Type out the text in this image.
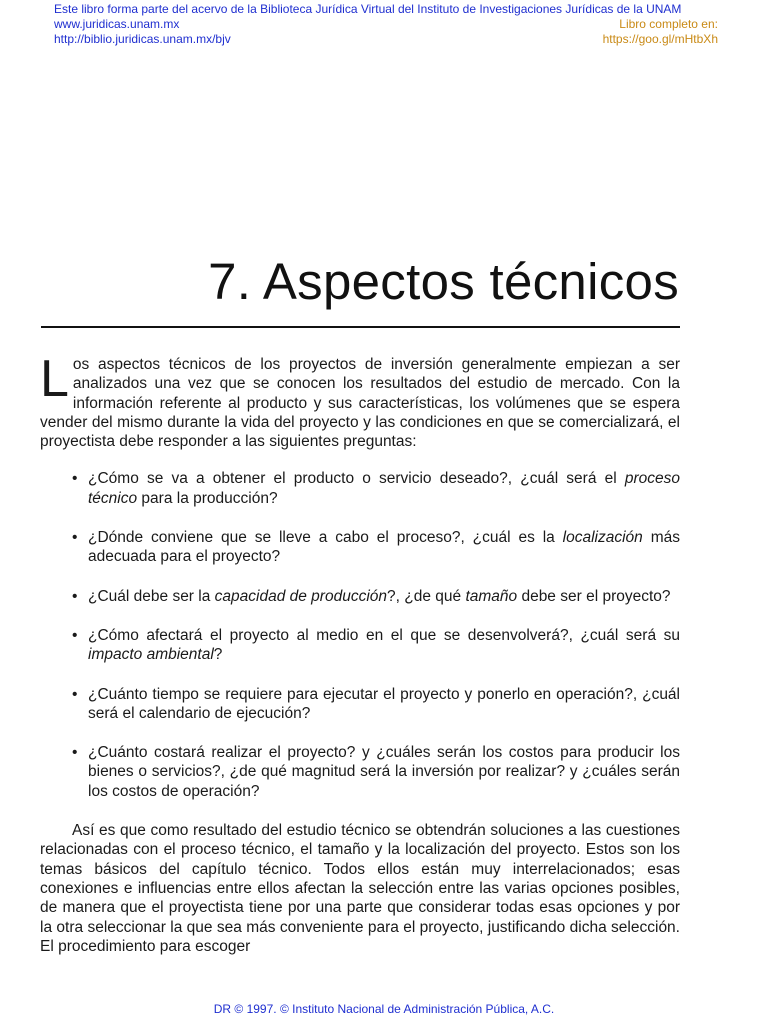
Este libro forma parte del acervo de la Biblioteca Jurídica Virtual del Instituto de Investigaciones Jurídicas de la UNAM
www.juridicas.unam.mx	Libro completo en:
http://biblio.juridicas.unam.mx/bjv	https://goo.gl/mHtbXh
7. Aspectos técnicos

Los aspectos técnicos de los proyectos de inversión generalmente empiezan a ser analizados una vez que se conocen los resultados del estudio de mercado. Con la información referente al producto y sus características, los volúmenes que se espera vender del mismo durante la vida del proyecto y las condiciones en que se comercializará, el proyectista debe responder a las siguientes preguntas:

• ¿Cómo se va a obtener el producto o servicio deseado?, ¿cuál será el proceso técnico para la producción?
• ¿Dónde conviene que se lleve a cabo el proceso?, ¿cuál es la localización más adecuada para el proyecto?
• ¿Cuál debe ser la capacidad de producción?, ¿de qué tamaño debe ser el proyecto?
• ¿Cómo afectará el proyecto al medio en el que se desenvolverá?, ¿cuál será su impacto ambiental?
• ¿Cuánto tiempo se requiere para ejecutar el proyecto y ponerlo en operación?, ¿cuál será el calendario de ejecución?
• ¿Cuánto costará realizar el proyecto? y ¿cuáles serán los costos para producir los bienes o servicios?, ¿de qué magnitud será la inversión por realizar? y ¿cuáles serán los costos de operación?

Así es que como resultado del estudio técnico se obtendrán soluciones a las cuestiones relacionadas con el proceso técnico, el tamaño y la localización del proyecto. Estos son los temas básicos del capítulo técnico. Todos ellos están muy interrelacionados; esas conexiones e influencias entre ellos afectan la selección entre las varias opciones posibles, de manera que el proyectista tiene por una parte que considerar todas esas opciones y por la otra seleccionar la que sea más conveniente para el proyecto, justificando dicha selección. El procedimiento para escoger

DR © 1997. © Instituto Nacional de Administración Pública, A.C.
